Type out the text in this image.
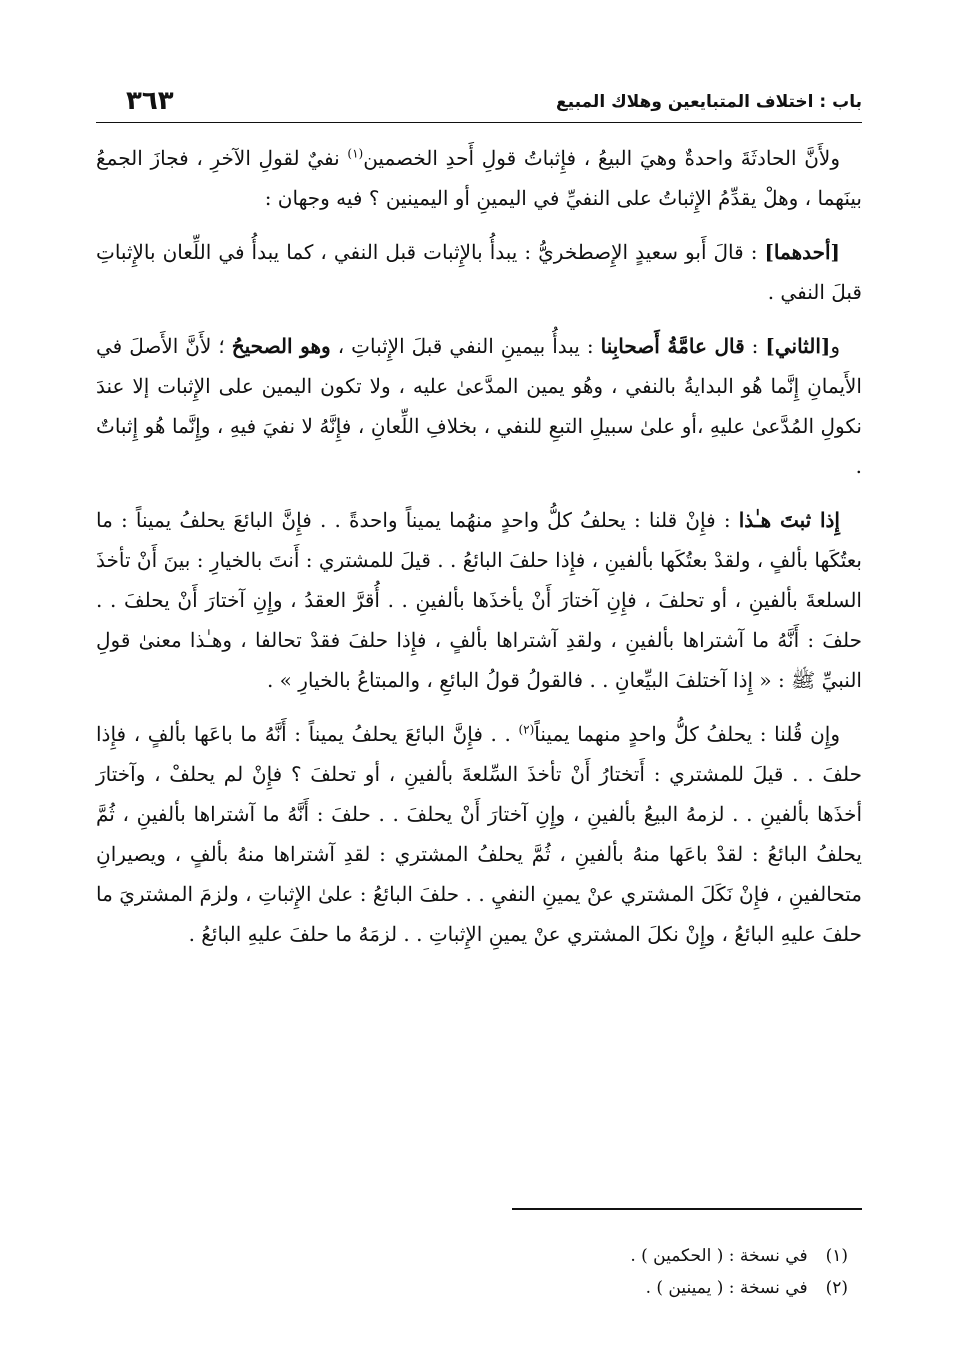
باب : اختلاف المتبايعين وهلاك المبيع
٣٦٣

ولأَنَّ الحادثَةَ واحدةٌ وهيَ البيعُ ، فإِثباتُ قولِ أَحدِ الخصمين$^{(١)}$ نفيٌ لقولِ الآخرِ ، فجازَ الجمعُ بينَهما ، وهلْ يقدِّمُ الإِثباتُ على النفيِّ في اليمينِ أو اليمينين ؟ فيه وجهان :

[أحدهما] : قالَ أَبو سعيدٍ الإِصطخريُّ : يبدأُ بالإِثبات قبل النفي ، كما يبدأُ في اللِّعان بالإِثباتِ قبلَ النفي .

و[الثاني] : قال عامَّةُ أَصحابِنا : يبدأُ بيمينِ النفي قبلَ الإِثباتِ ، وهو الصحيحُ ؛ لأَنَّ الأَصلَ في الأَيمانِ إِنَّما هُو البدايةُ بالنفي ، وهُو يمين المدَّعىٰ عليه ، ولا تكون اليمين على الإِثبات إلا عندَ نكولِ المُدَّعىٰ عليهِ ،أو علىٰ سبيلِ التبعِ للنفي ، بخلافِ اللِّعانِ ، فإِنَّهُ لا نفيَ فيهِ ، وإِنَّما هُو إِثباتٌ .

إِذا ثبتَ هـٰذا : فإِنْ قلنا : يحلفُ كلُّ واحدٍ منهُما يميناً واحدةً . . فإِنَّ البائعَ يحلفُ يميناً : ما بعتُكَها بألفٍ ، ولقدْ بعتُكَها بألفينِ ، فإِذا حلفَ البائعُ . . قيلَ للمشتري : أَنتَ بالخيارِ : بينَ أَنْ تأخذَ السلعةَ بألفينِ ، أو تحلفَ ، فإِنِ آختارَ أَنْ يأخذَها بألفينِ . . أُقرَّ العقدُ ، وإِنِ آختارَ أَنْ يحلفَ . . حلفَ : أَنَّهُ ما آشتراها بألفينِ ، ولقدِ آشتراها بألفٍ ، فإِذا حلفَ فقدْ تحالفا ، وهـٰذا معنىٰ قولِ النبيِّ ﷺ : « إِذا آختلفَ البيِّعانِ . . فالقولُ قولُ البائعِ ، والمبتاعُ بالخيارِ » .

وإِن قُلنا : يحلفُ كلُّ واحدٍ منهما يميناً$^{(٢)}$ . . فإِنَّ البائعَ يحلفُ يميناً : أَنَّهُ ما باعَها بألفٍ ، فإِذا حلفَ . . قيلَ للمشتري : أَتختارُ أَنْ تأخذَ السِّلعةَ بألفينِ ، أو تحلفَ ؟ فإِنْ لم يحلفْ ، وآختارَ أخذَها بألفينِ . . لزمهُ البيعُ بألفينِ ، وإِنِ آختارَ أَنْ يحلفَ . . حلفَ : أَنَّهُ ما آشتراها بألفينِ ، ثُمَّ يحلفُ البائعُ : لقدْ باعَها منهُ بألفينِ ، ثُمَّ يحلفُ المشتري : لقدِ آشتراها منهُ بألفٍ ، ويصيرانِ متحالفينِ ، فإِنْ نَكَلَ المشتري عنْ يمينِ النفيِ . . حلفَ البائعُ : علىٰ الإِثباتِ ، ولزمَ المشتريَ ما حلفَ عليهِ البائعُ ، وإِنْ نكلَ المشتري عنْ يمينِ الإِثباتِ . . لزمَهُ ما حلفَ عليهِ البائعُ .

(١)في نسخة : ( الحكمين ) .

(٢)في نسخة : ( يمينين ) .
